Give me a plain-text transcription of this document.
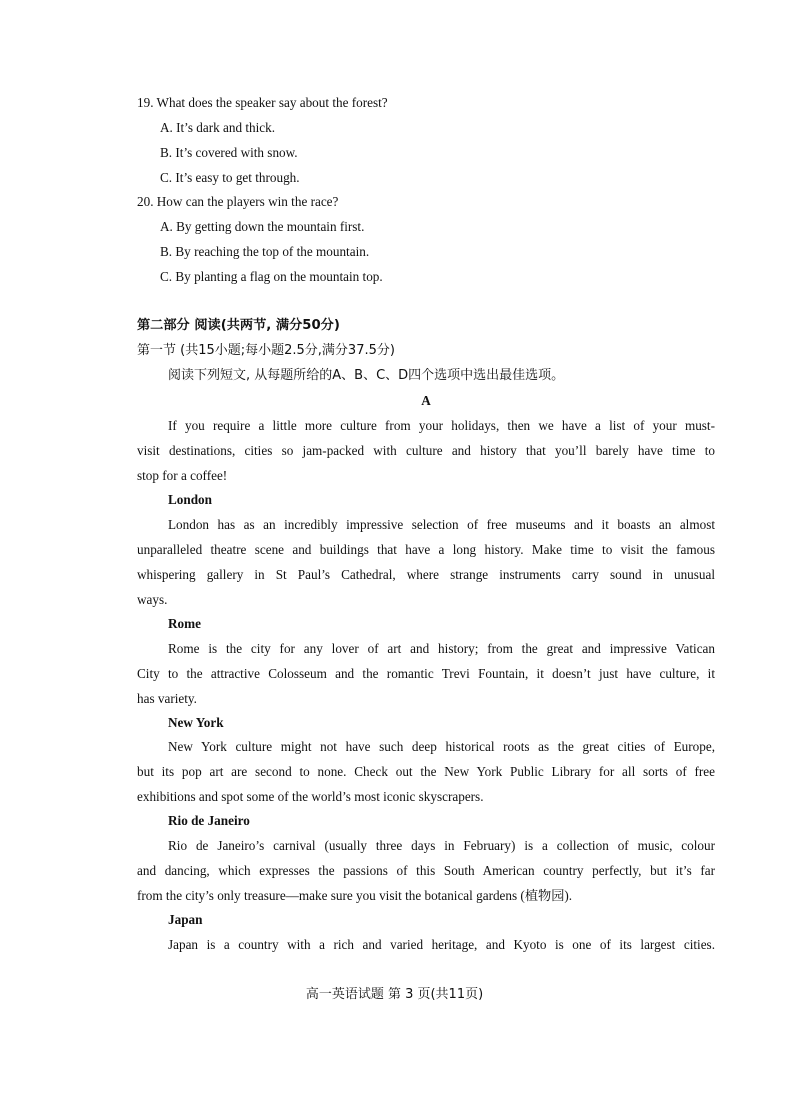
19. What does the speaker say about the forest?
A. It’s dark and thick.
B. It’s covered with snow.
C. It’s easy to get through.
20. How can the players win the race?
A. By getting down the mountain first.
B. By reaching the top of the mountain.
C. By planting a flag on the mountain top.
第二部分 阅读(共两节, 满分50分)
第一节 (共15小题;每小题2.5分,满分37.5分)
阅读下列短文, 从每题所给的A、B、C、D四个选项中选出最佳选项。
A
If you require a little more culture from your holidays, then we have a list of your must-
visit destinations, cities so jam-packed with culture and history that you’ll barely have time to
stop for a coffee!
London
London has as an incredibly impressive selection of free museums and it boasts an almost
unparalleled theatre scene and buildings that have a long history. Make time to visit the famous
whispering gallery in St Paul’s Cathedral, where strange instruments carry sound in unusual
ways.
Rome
Rome is the city for any lover of art and history; from the great and impressive Vatican
City to the attractive Colosseum and the romantic Trevi Fountain, it doesn’t just have culture, it
has variety.
New York
New York culture might not have such deep historical roots as the great cities of Europe,
but its pop art are second to none. Check out the New York Public Library for all sorts of free
exhibitions and spot some of the world’s most iconic skyscrapers.
Rio de Janeiro
Rio de Janeiro’s carnival (usually three days in February) is a collection of music, colour
and dancing, which expresses the passions of this South American country perfectly, but it’s far
from the city’s only treasure—make sure you visit the botanical gardens (植物园).
Japan
Japan is a country with a rich and varied heritage, and Kyoto is one of its largest cities.
高一英语试题 第 3 页(共11页)
